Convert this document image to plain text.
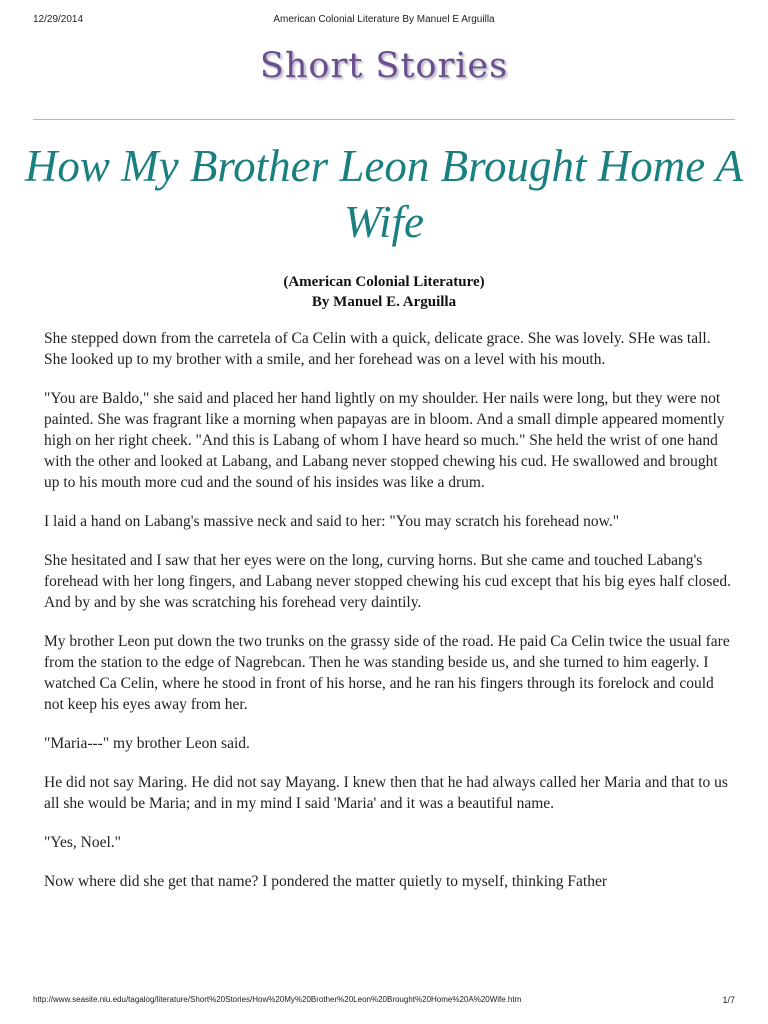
12/29/2014	American Colonial Literature By Manuel E Arguilla
Short Stories
How My Brother Leon Brought Home A Wife
(American Colonial Literature)
By Manuel E. Arguilla

She stepped down from the carretela of Ca Celin with a quick, delicate grace. She was lovely. SHe was tall. She looked up to my brother with a smile, and her forehead was on a level with his mouth.

"You are Baldo," she said and placed her hand lightly on my shoulder. Her nails were long, but they were not painted. She was fragrant like a morning when papayas are in bloom. And a small dimple appeared momently high on her right cheek. "And this is Labang of whom I have heard so much." She held the wrist of one hand with the other and looked at Labang, and Labang never stopped chewing his cud. He swallowed and brought up to his mouth more cud and the sound of his insides was like a drum.

I laid a hand on Labang's massive neck and said to her: "You may scratch his forehead now."

She hesitated and I saw that her eyes were on the long, curving horns. But she came and touched Labang's forehead with her long fingers, and Labang never stopped chewing his cud except that his big eyes half closed. And by and by she was scratching his forehead very daintily.

My brother Leon put down the two trunks on the grassy side of the road. He paid Ca Celin twice the usual fare from the station to the edge of Nagrebcan. Then he was standing beside us, and she turned to him eagerly. I watched Ca Celin, where he stood in front of his horse, and he ran his fingers through its forelock and could not keep his eyes away from her.

"Maria---" my brother Leon said.

He did not say Maring. He did not say Mayang. I knew then that he had always called her Maria and that to us all she would be Maria; and in my mind I said 'Maria' and it was a beautiful name.

"Yes, Noel."

Now where did she get that name? I pondered the matter quietly to myself, thinking Father

http://www.seasite.niu.edu/tagalog/literature/Short%20Stories/How%20My%20Brother%20Leon%20Brought%20Home%20A%20Wife.htm	1/7
